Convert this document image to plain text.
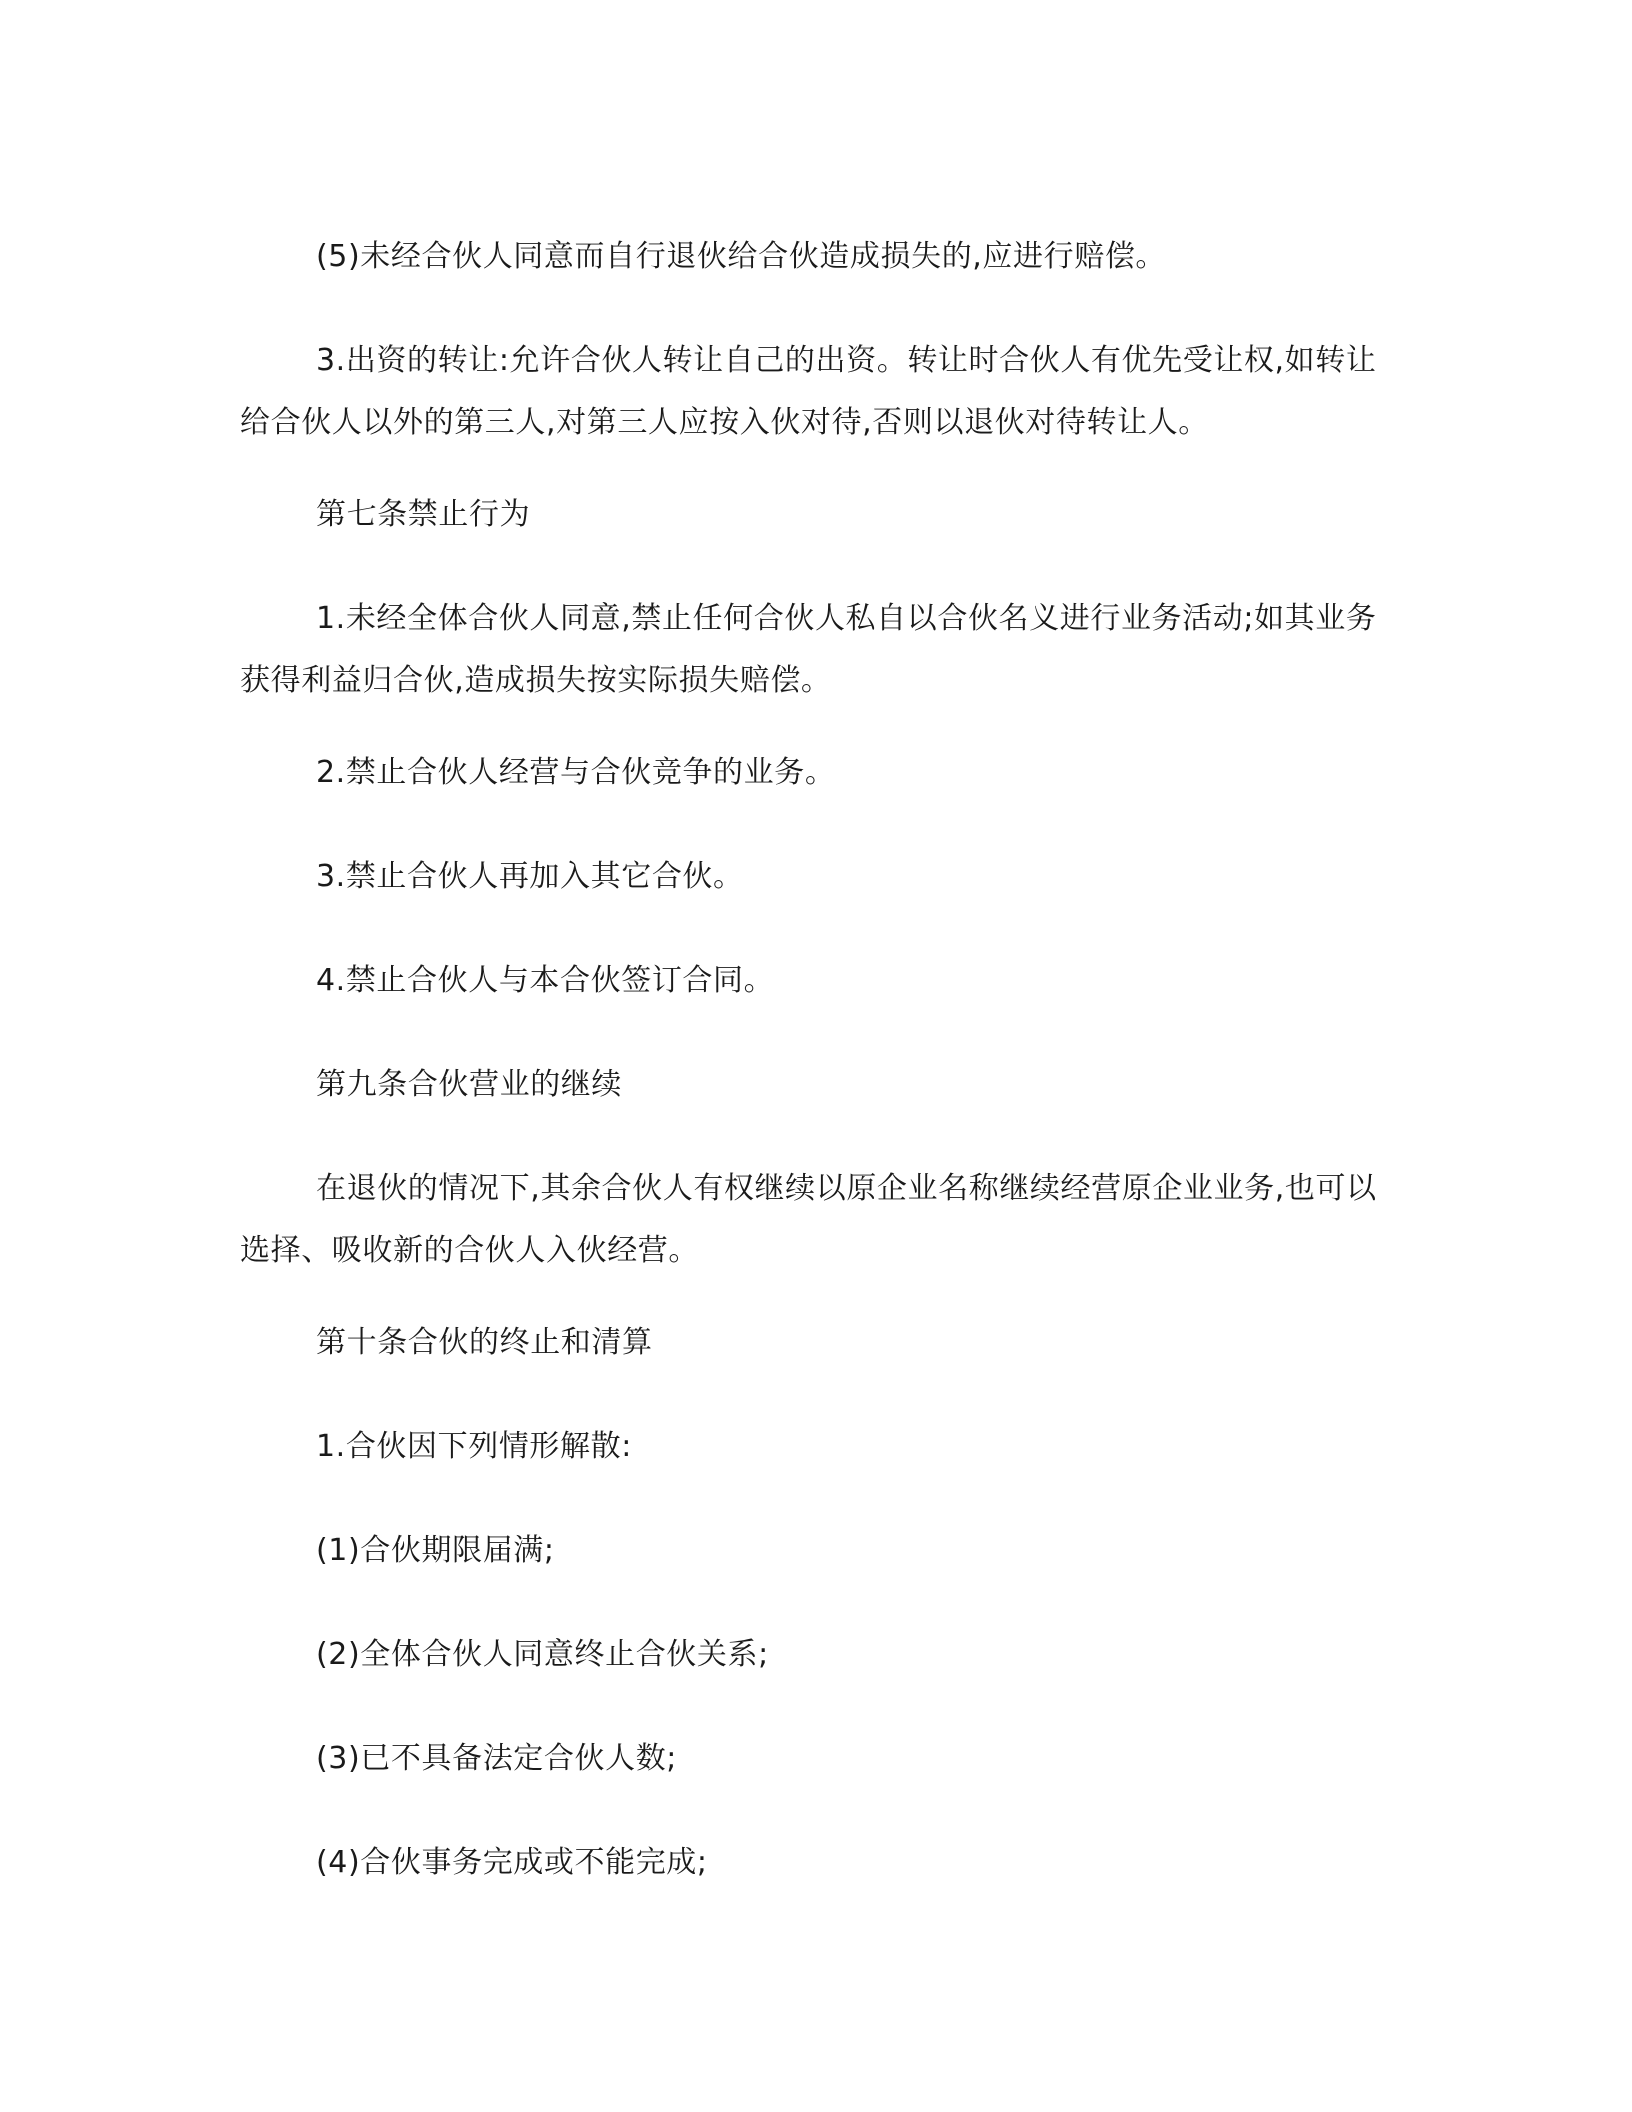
(5)未经合伙人同意而自行退伙给合伙造成损失的,应进行赔偿。

3.出资的转让:允许合伙人转让自己的出资。转让时合伙人有优先受让权,如转让给合伙人以外的第三人,对第三人应按入伙对待,否则以退伙对待转让人。

第七条禁止行为

1.未经全体合伙人同意,禁止任何合伙人私自以合伙名义进行业务活动;如其业务获得利益归合伙,造成损失按实际损失赔偿。

2.禁止合伙人经营与合伙竞争的业务。

3.禁止合伙人再加入其它合伙。

4.禁止合伙人与本合伙签订合同。

第九条合伙营业的继续

在退伙的情况下,其余合伙人有权继续以原企业名称继续经营原企业业务,也可以选择、吸收新的合伙人入伙经营。

第十条合伙的终止和清算

1.合伙因下列情形解散:

(1)合伙期限届满;

(2)全体合伙人同意终止合伙关系;

(3)已不具备法定合伙人数;

(4)合伙事务完成或不能完成;
